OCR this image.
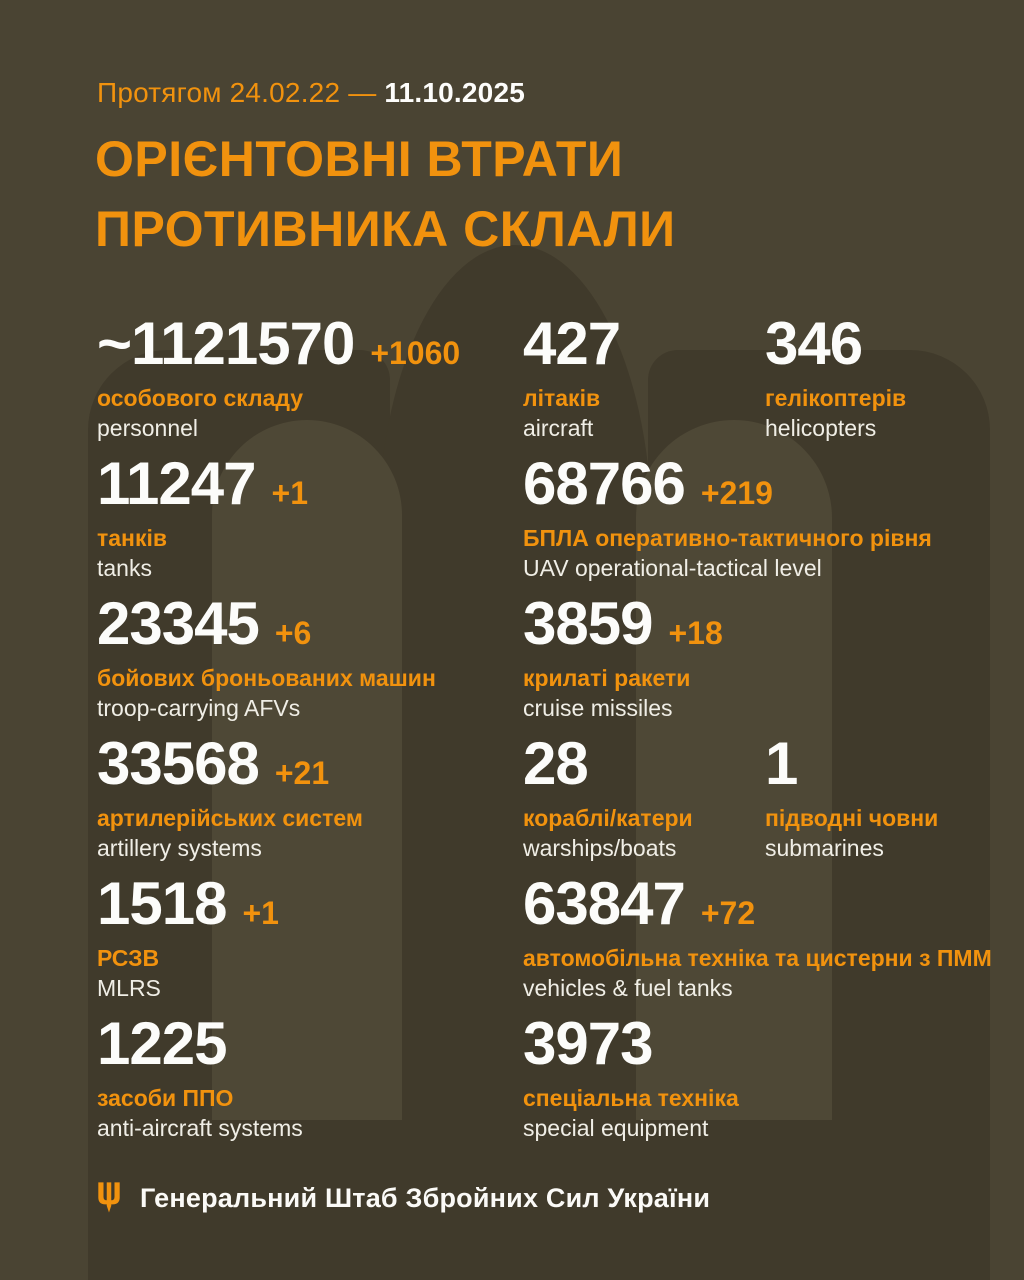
Протягом 24.02.22 — 11.10.2025
ОРІЄНТОВНІ ВТРАТИ
ПРОТИВНИКА СКЛАЛИ
~1121570 +1060
особового складу
personnel
11247 +1
танків
tanks
23345 +6
бойових броньованих машин
troop-carrying AFVs
33568 +21
артилерійських систем
artillery systems
1518 +1
РСЗВ
MLRS
1225
засоби ППО
anti-aircraft systems
427
літаків
aircraft
346
гелікоптерів
helicopters
68766 +219
БПЛА оперативно-тактичного рівня
UAV operational-tactical level
3859 +18
крилаті ракети
cruise missiles
28
кораблі/катери
warships/boats
1
підводні човни
submarines
63847 +72
автомобільна техніка та цистерни з ПММ
vehicles & fuel tanks
3973
спеціальна техніка
special equipment
Генеральний Штаб Збройних Сил України
